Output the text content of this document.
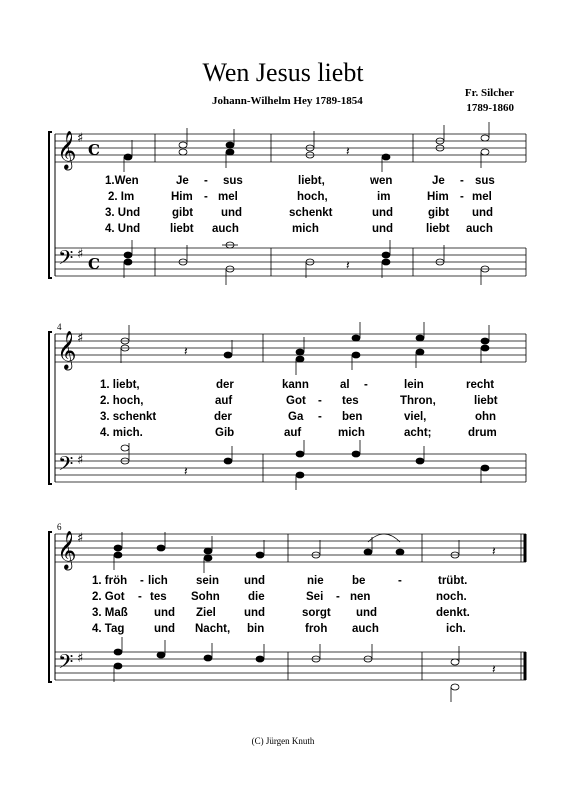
Wen Jesus liebt
Johann-Wilhelm Hey 1789-1854
Fr. Silcher
1789-1860
𝄞
𝄢
♯
♯
C
C
𝄽
𝄽
𝄞
𝄢
♯
♯
𝄽
𝄽
𝄞
𝄢
♯
♯
𝄽
𝄽
1.Wen	Je - sus	liebt,	wen	Je - sus
2. Im	Him - mel	hoch,	im	Him - mel
3. Und	gibt und	schenkt	und	gibt und
4. Und	liebt auch	mich	und	liebt auch
4
1. liebt,	der	kann	al -	lein	recht
2. hoch,	auf	Got - tes	Thron,	liebt
3. schenkt	der	Ga - ben	viel,	ohn
4. mich.	Gib	auf	mich	acht;	drum
6
1. fröh - lich sein und	nie be	-	trübt.
2. Got - tes Sohn die	Sei - nen	noch.
3. Maß und Ziel und	sorgt und	denkt.
4. Tag	und Nacht, bin	froh auch	ich.
(C) Jürgen Knuth
